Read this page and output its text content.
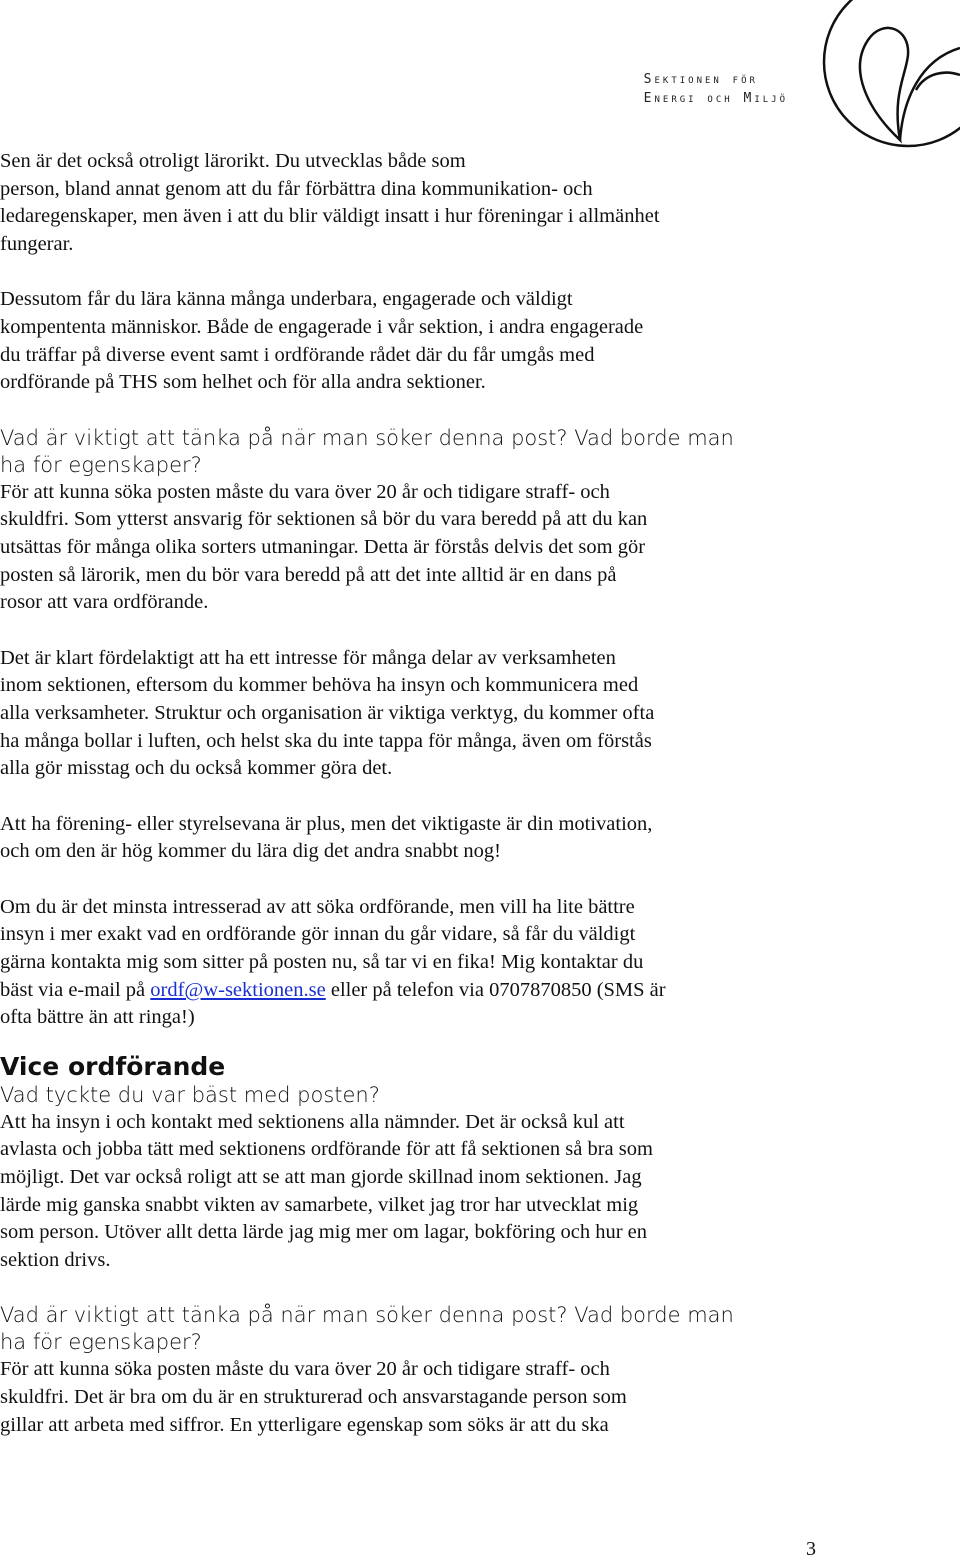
Sektionen för
Energi och Miljö

Sen är det också otroligt lärorikt. Du utvecklas både som
person, bland annat genom att du får förbättra dina kommunikation- och
ledaregenskaper, men även i att du blir väldigt insatt i hur föreningar i allmänhet
fungerar.

Dessutom får du lära känna många underbara, engagerade och väldigt
kompententa människor. Både de engagerade i vår sektion, i andra engagerade
du träffar på diverse event samt i ordförande rådet där du får umgås med
ordförande på THS som helhet och för alla andra sektioner.

Vad är viktigt att tänka på när man söker denna post? Vad borde man
ha för egenskaper?

För att kunna söka posten måste du vara över 20 år och tidigare straff- och
skuldfri. Som ytterst ansvarig för sektionen så bör du vara beredd på att du kan
utsättas för många olika sorters utmaningar. Detta är förstås delvis det som gör
posten så lärorik, men du bör vara beredd på att det inte alltid är en dans på
rosor att vara ordförande.

Det är klart fördelaktigt att ha ett intresse för många delar av verksamheten
inom sektionen, eftersom du kommer behöva ha insyn och kommunicera med
alla verksamheter. Struktur och organisation är viktiga verktyg, du kommer ofta
ha många bollar i luften, och helst ska du inte tappa för många, även om förstås
alla gör misstag och du också kommer göra det.

Att ha förening- eller styrelsevana är plus, men det viktigaste är din motivation,
och om den är hög kommer du lära dig det andra snabbt nog!

Om du är det minsta intresserad av att söka ordförande, men vill ha lite bättre
insyn i mer exakt vad en ordförande gör innan du går vidare, så får du väldigt
gärna kontakta mig som sitter på posten nu, så tar vi en fika! Mig kontaktar du
bäst via e-mail på ordf@w-sektionen.se eller på telefon via 0707870850 (SMS är
ofta bättre än att ringa!)

Vice ordförande

Vad tyckte du var bäst med posten?

Att ha insyn i och kontakt med sektionens alla nämnder. Det är också kul att
avlasta och jobba tätt med sektionens ordförande för att få sektionen så bra som
möjligt. Det var också roligt att se att man gjorde skillnad inom sektionen. Jag
lärde mig ganska snabbt vikten av samarbete, vilket jag tror har utvecklat mig
som person. Utöver allt detta lärde jag mig mer om lagar, bokföring och hur en
sektion drivs.

Vad är viktigt att tänka på när man söker denna post? Vad borde man
ha för egenskaper?

För att kunna söka posten måste du vara över 20 år och tidigare straff- och
skuldfri. Det är bra om du är en strukturerad och ansvarstagande person som
gillar att arbeta med siffror. En ytterligare egenskap som söks är att du ska

3
